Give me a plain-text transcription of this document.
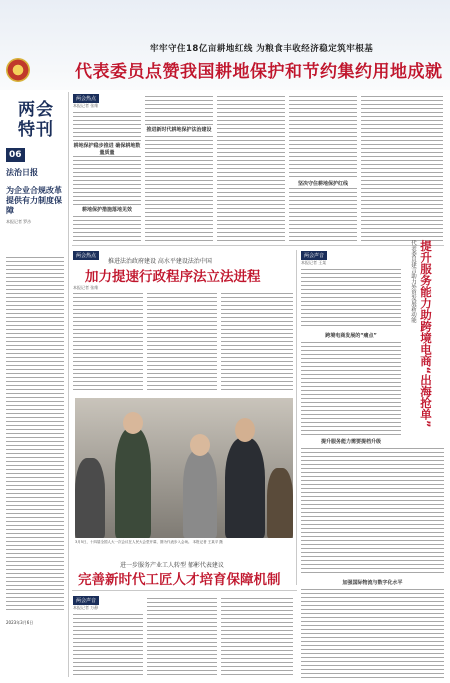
牢牢守住18亿亩耕地红线 为粮食丰收经济稳定筑牢根基
代表委员点赞我国耕地保护和节约集约用地成就
两会
特刊
06
法治日报
为企业合规改革提供有力制度保障
本报记者 罗沙
2023年3月6日
两会热点
本报记者 张维
耕地保护稳步推进 确保耕地数量质量
耕地保护措施落地见效
推进新时代耕地保护法治建设
坚决守住耕地保护红线
两会热点
推进法治政府建设 高水平建设法治中国
加力提速行政程序法立法进程
本报记者 张维
3月5日，十四届全国人大一次会议在人民大会堂开幕，图为代表步入会场。 本报记者 王某平 摄
进一步服务产业工人转型 郁彬代表建议
完善新时代工匠人才培育保障机制
两会声音
本报记者 万静
两会声音
本报记者 王某	代表委员建言助力外贸发展新动能 提升服务能力助跨境电商“出海抢单”
跨境电商发展的“痛点”
提升服务能力需要提档升级
加强国际物流与数字化水平
